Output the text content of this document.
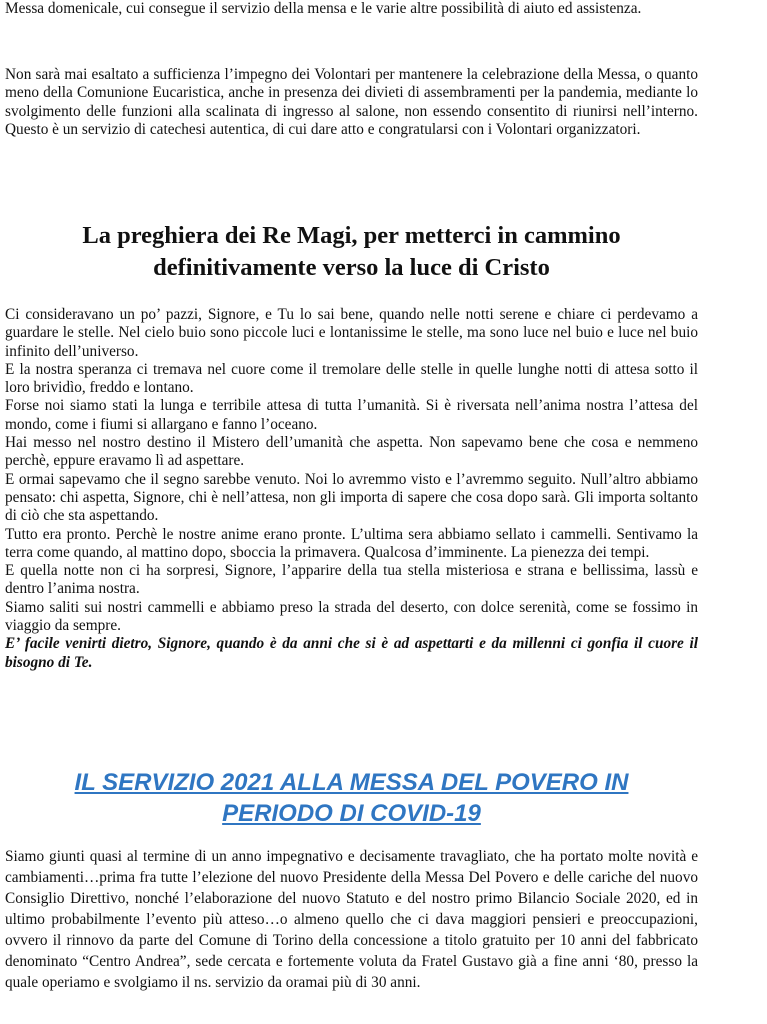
Messa domenicale, cui consegue il servizio della mensa e le varie altre possibilità di aiuto ed assistenza.

Non sarà mai esaltato a sufficienza l’impegno dei Volontari per mantenere la celebrazione della Messa, o quanto meno della Comunione Eucaristica, anche in presenza dei divieti di assembramenti per la pandemia, mediante lo svolgimento delle funzioni alla scalinata di ingresso al salone, non essendo consentito di riunirsi nell’interno. Questo è un servizio di catechesi autentica, di cui dare atto e congratularsi con i Volontari organizzatori.

La preghiera dei Re Magi, per metterci in cammino
definitivamente verso la luce di Cristo

Ci consideravano un po’ pazzi, Signore, e Tu lo sai bene, quando nelle notti serene e chiare ci perdevamo a guardare le stelle. Nel cielo buio sono piccole luci e lontanissime le stelle, ma sono luce nel buio e luce nel buio infinito dell’universo.

E la nostra speranza ci tremava nel cuore come il tremolare delle stelle in quelle lunghe notti di attesa sotto il loro brividìo, freddo e lontano.

Forse noi siamo stati la lunga e terribile attesa di tutta l’umanità. Si è riversata nell’anima nostra l’attesa del mondo, come i fiumi si allargano e fanno l’oceano.

Hai messo nel nostro destino il Mistero dell’umanità che aspetta. Non sapevamo bene che cosa e nemmeno perchè, eppure eravamo lì ad aspettare.

E ormai sapevamo che il segno sarebbe venuto. Noi lo avremmo visto e l’avremmo seguito. Null’altro abbiamo pensato: chi aspetta, Signore, chi è nell’attesa, non gli importa di sapere che cosa dopo sarà. Gli importa soltanto di ciò che sta aspettando.

Tutto era pronto. Perchè le nostre anime erano pronte. L’ultima sera abbiamo sellato i cammelli. Sentivamo la terra come quando, al mattino dopo, sboccia la primavera. Qualcosa d’imminente. La pienezza dei tempi.

E quella notte non ci ha sorpresi, Signore, l’apparire della tua stella misteriosa e strana e bellissima, lassù e dentro l’anima nostra.

Siamo saliti sui nostri cammelli e abbiamo preso la strada del deserto, con dolce serenità, come se fossimo in viaggio da sempre.

E’ facile venirti dietro, Signore, quando è da anni che si è ad aspettarti e da millenni ci gonfia il cuore il bisogno di Te.

IL SERVIZIO 2021 ALLA MESSA DEL POVERO IN
PERIODO DI COVID-19

Siamo giunti quasi al termine di un anno impegnativo e decisamente travagliato, che ha portato molte novità e cambiamenti…prima fra tutte l’elezione del nuovo Presidente della Messa Del Povero e delle cariche del nuovo Consiglio Direttivo, nonché l’elaborazione del nuovo Statuto e del nostro primo Bilancio Sociale 2020, ed in ultimo probabilmente l’evento più atteso…o almeno quello che ci dava maggiori pensieri e preoccupazioni, ovvero il rinnovo da parte del Comune di Torino della concessione a titolo gratuito per 10 anni del fabbricato denominato “Centro Andrea”, sede cercata e fortemente voluta da Fratel Gustavo già a fine anni ‘80, presso la quale operiamo e svolgiamo il ns. servizio da oramai più di 30 anni.
